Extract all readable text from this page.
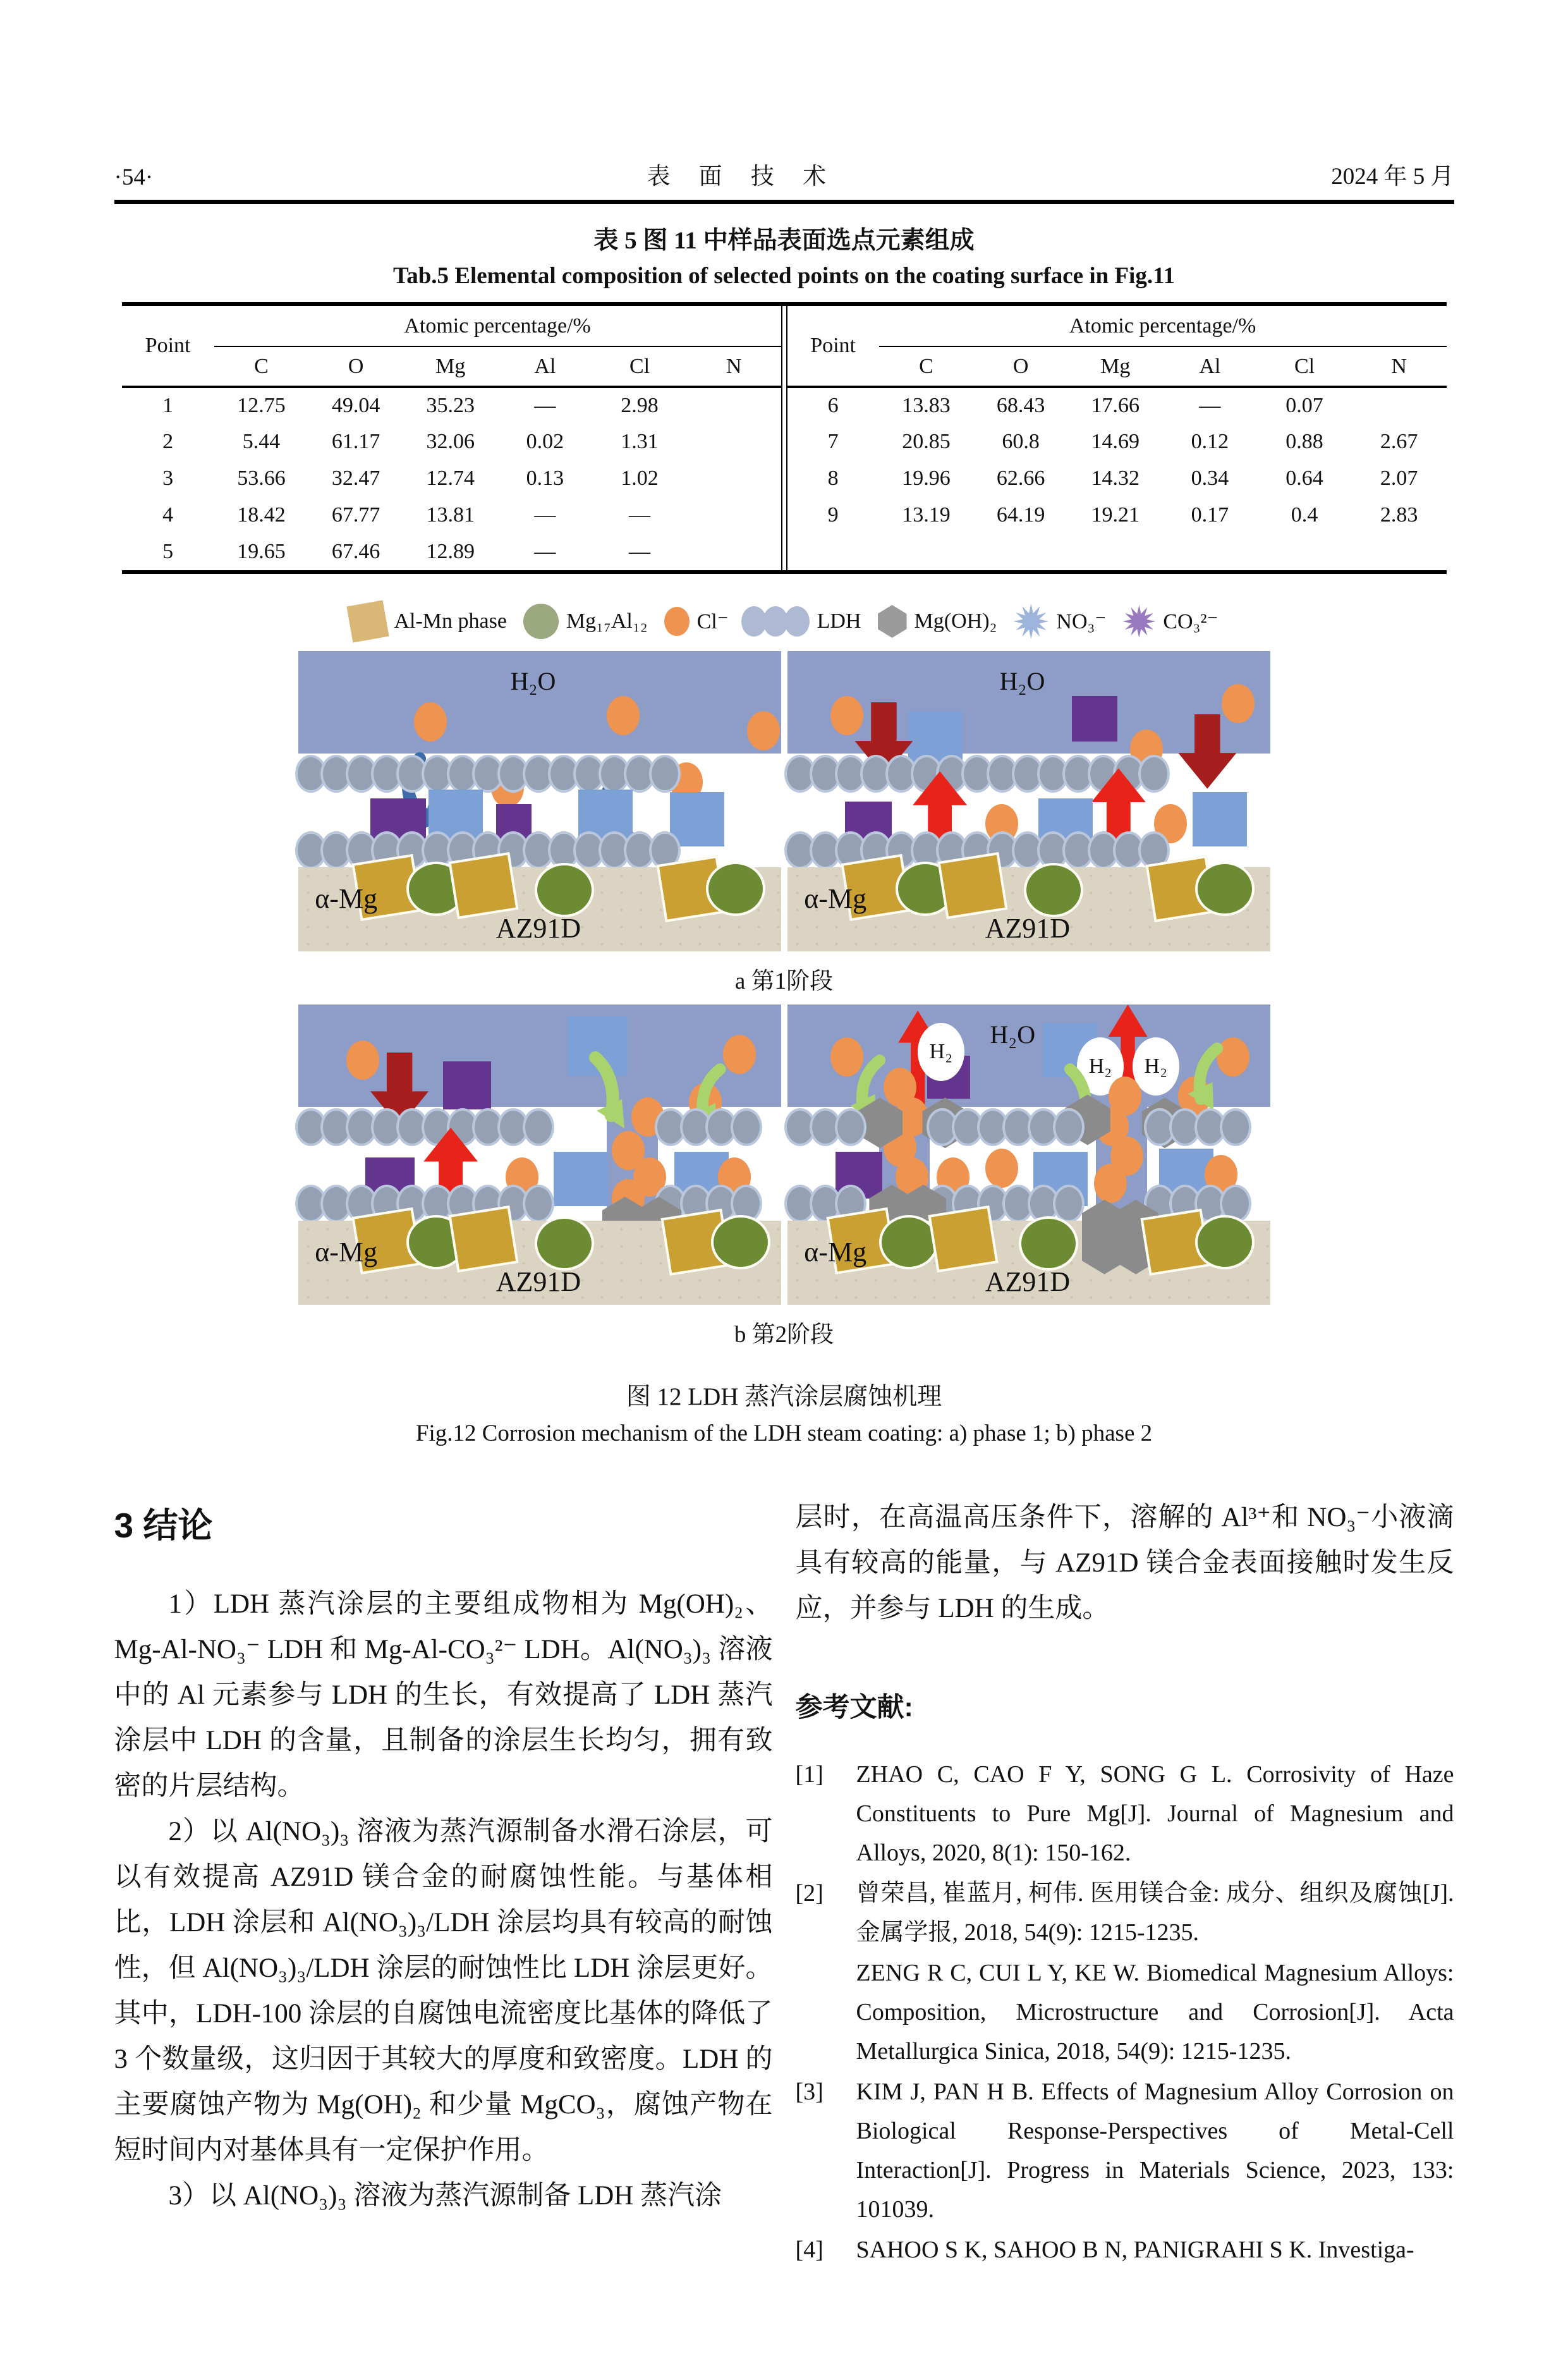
·54·	表 面 技 术	2024 年 5 月
表 5 图 11 中样品表面选点元素组成
Tab.5 Elemental composition of selected points on the coating surface in Fig.11
Point	Atomic percentage/%					
	C	O	Mg	Al	Cl	N
1	12.75	49.04	35.23	—	2.98	
2	5.44	61.17	32.06	0.02	1.31	
3	53.66	32.47	12.74	0.13	1.02	
4	18.42	67.77	13.81	—	—	
5	19.65	67.46	12.89	—	—	
Point	Atomic percentage/%					
	C	O	Mg	Al	Cl	N
6	13.83	68.43	17.66	—	0.07	
7	20.85	60.8	14.69	0.12	0.88	2.67
8	19.96	62.66	14.32	0.34	0.64	2.07
9	13.19	64.19	19.21	0.17	0.4	2.83

Al-Mn phase	Mg₁₇Al₁₂ Cl⁻	LDH Mg(OH)₂	NO₃⁻	CO₃²⁻
H₂O
α-Mg
AZ91D
H₂O
α-Mg
AZ91D
a 第1阶段
α-Mg
AZ91D
H₂O
H₂
H₂ H₂
α-Mg
AZ91D
b 第2阶段
图 12 LDH 蒸汽涂层腐蚀机理
Fig.12 Corrosion mechanism of the LDH steam coating: a) phase 1; b) phase 2
3 结论
1）LDH 蒸汽涂层的主要组成物相为 Mg(OH)₂、Mg-Al-NO₃⁻ LDH 和 Mg-Al-CO₃²⁻ LDH。Al(NO₃)₃ 溶液中的 Al 元素参与 LDH 的生长，有效提高了 LDH 蒸汽涂层中 LDH 的含量，且制备的涂层生长均匀，拥有致密的片层结构。
2）以 Al(NO₃)₃ 溶液为蒸汽源制备水滑石涂层，可以有效提高 AZ91D 镁合金的耐腐蚀性能。与基体相比，LDH 涂层和 Al(NO₃)₃/LDH 涂层均具有较高的耐蚀性，但 Al(NO₃)₃/LDH 涂层的耐蚀性比 LDH 涂层更好。其中，LDH-100 涂层的自腐蚀电流密度比基体的降低了 3 个数量级，这归因于其较大的厚度和致密度。LDH 的主要腐蚀产物为 Mg(OH)₂ 和少量 MgCO₃，腐蚀产物在短时间内对基体具有一定保护作用。
3）以 Al(NO₃)₃ 溶液为蒸汽源制备 LDH 蒸汽涂
层时，在高温高压条件下，溶解的 Al³⁺和 NO₃⁻小液滴具有较高的能量，与 AZ91D 镁合金表面接触时发生反应，并参与 LDH 的生成。
参考文献:
[1]	ZHAO C, CAO F Y, SONG G L. Corrosivity of Haze Constituents to Pure Mg[J]. Journal of Magnesium and Alloys, 2020, 8(1): 150-162.
[2]	曾荣昌, 崔蓝月, 柯伟. 医用镁合金: 成分、组织及腐蚀[J]. 金属学报, 2018, 54(9): 1215-1235.
ZENG R C, CUI L Y, KE W. Biomedical Magnesium Alloys: Composition, Microstructure and Corrosion[J]. Acta Metallurgica Sinica, 2018, 54(9): 1215-1235.
[3]	KIM J, PAN H B. Effects of Magnesium Alloy Corrosion on Biological Response-Perspectives of Metal-Cell Interaction[J]. Progress in Materials Science, 2023, 133: 101039.
[4]	SAHOO S K, SAHOO B N, PANIGRAHI S K. Investiga-
